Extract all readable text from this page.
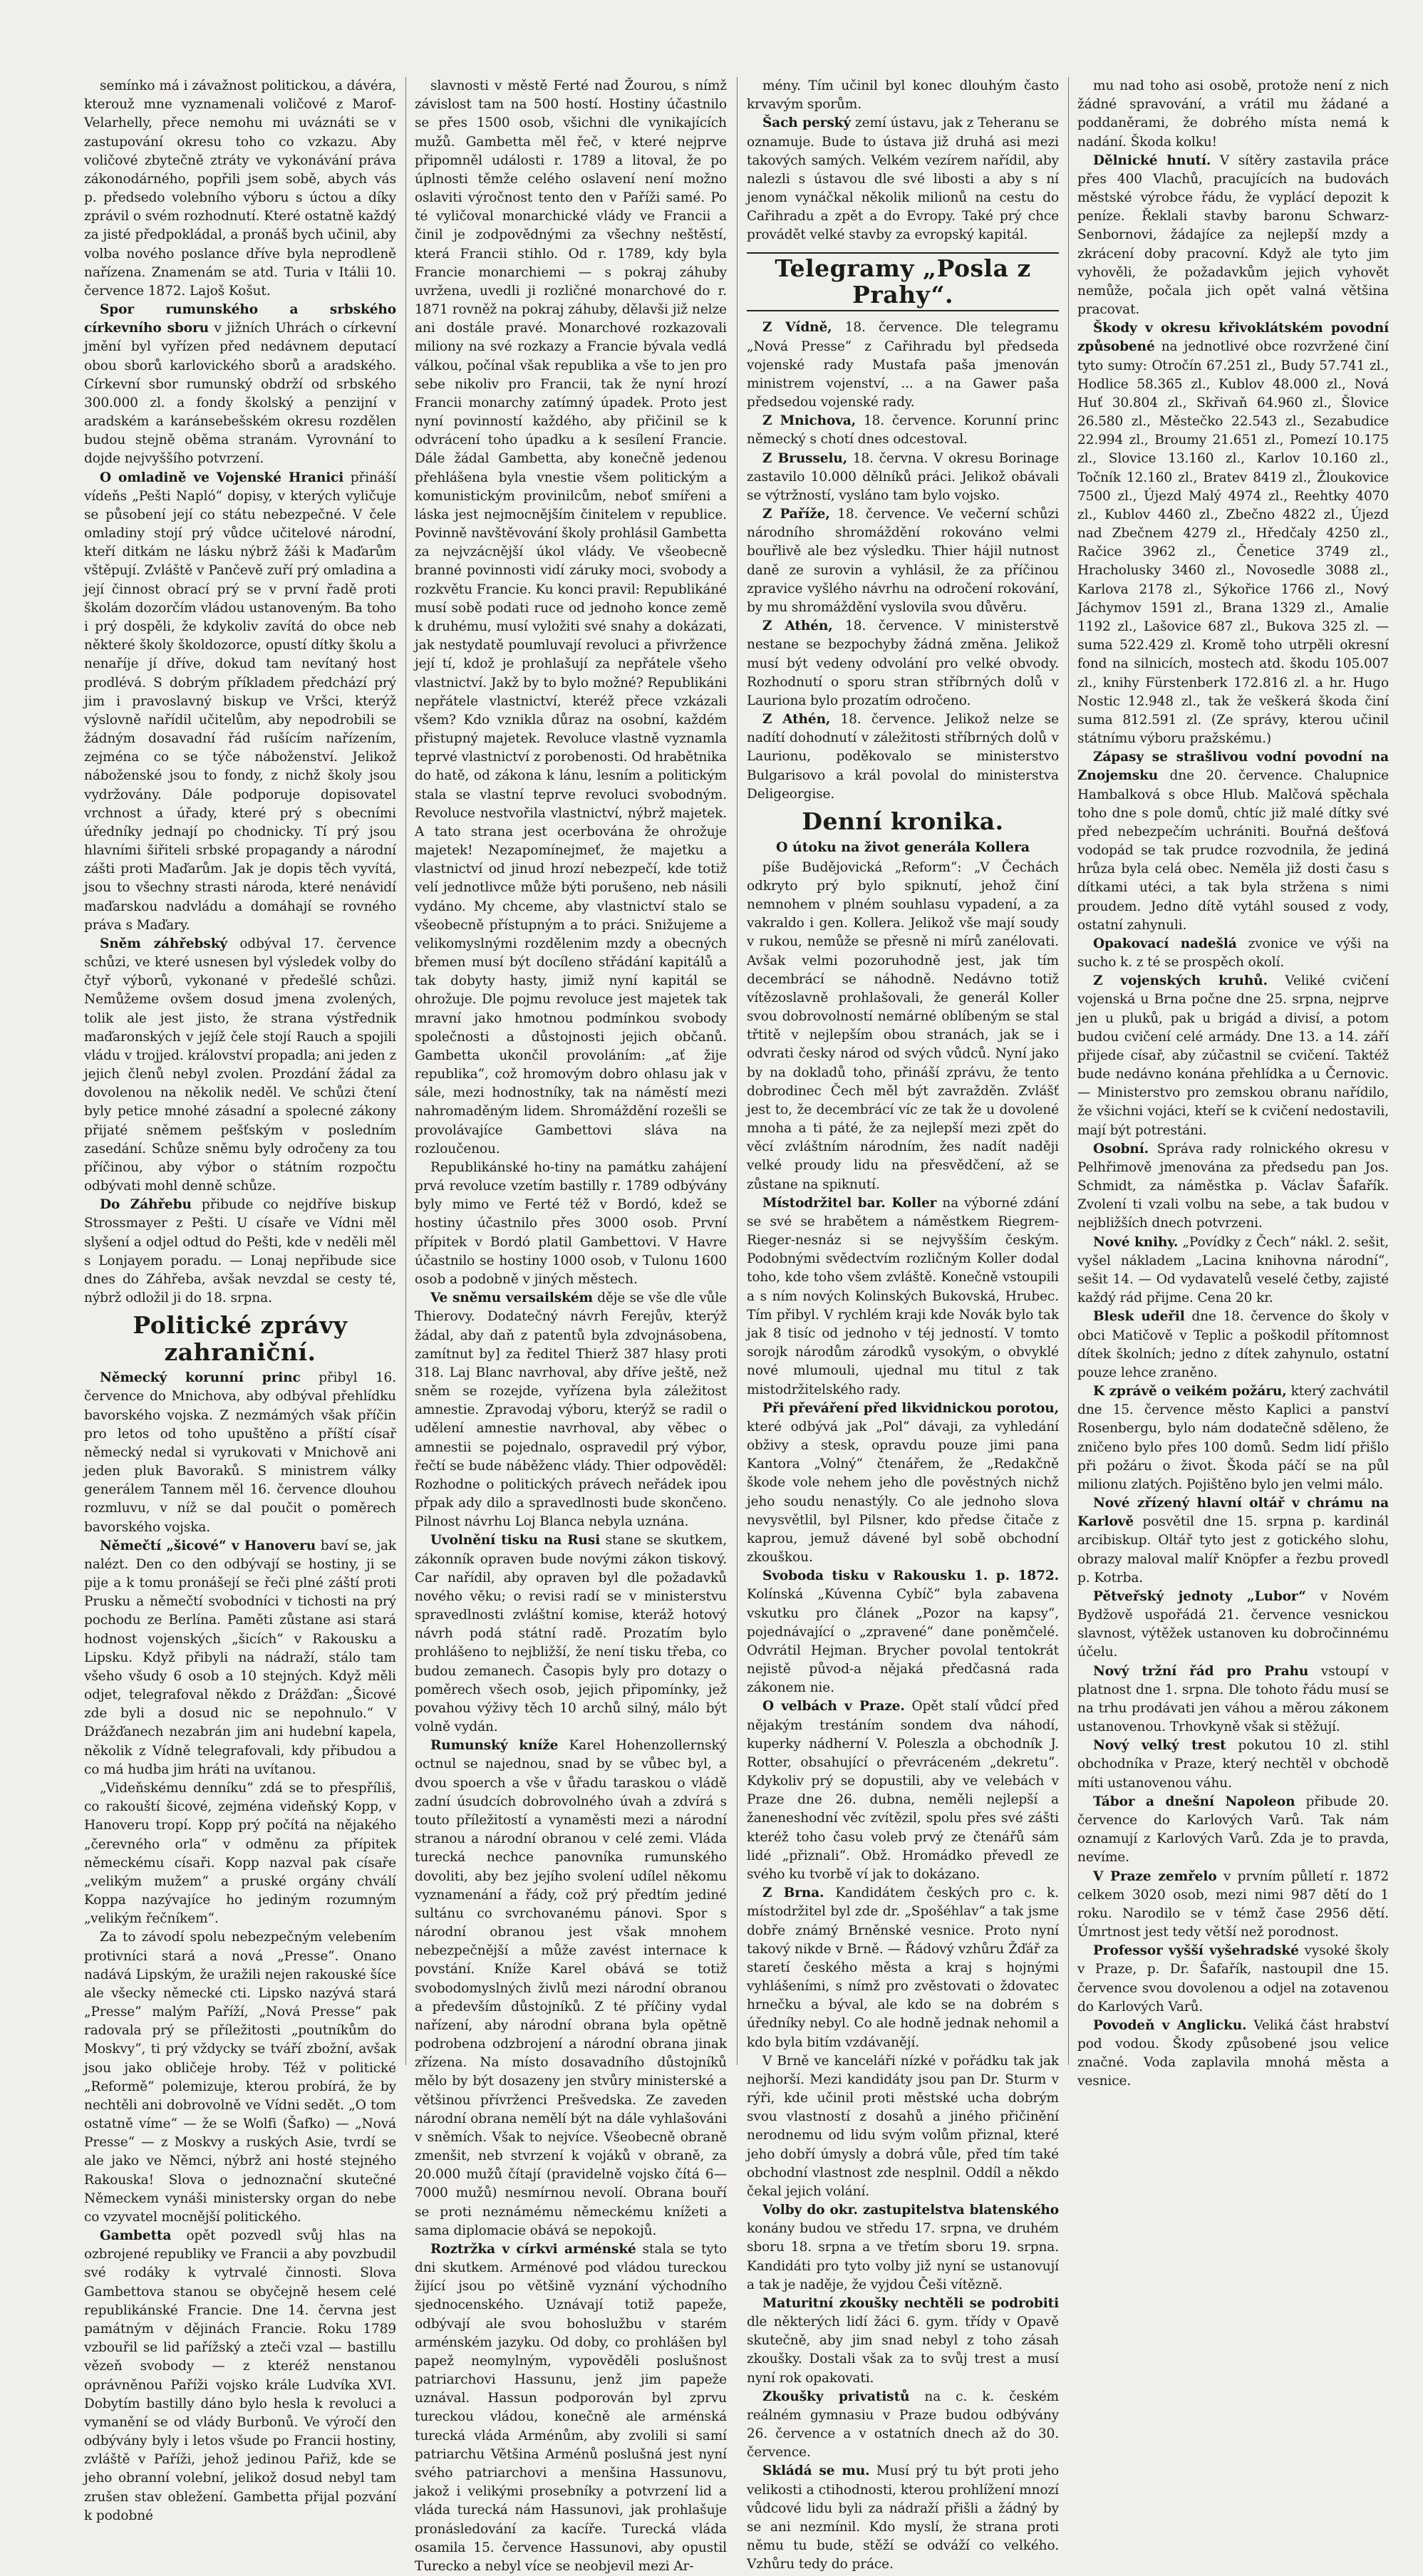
semínko má i závažnost politickou, a dávéra, kterouž mne vyznamenali voličové z Marof-Velarhelly, přece nemohu mi uváznáti se v zastupování okresu toho co vzkazu. Aby voličové zbytečně ztráty ve vykonávání práva zákonodárného, popřili jsem sobě, abych vás p. předsedo volebního výboru s úctou a díky zprávil o svém rozhodnutí. Které ostatně každý za jisté předpokládal, a pronáš bych učinil, aby volba nového poslance dříve byla neprodleně nařízena. Znamenám se atd. Turia v Itálii 10. července 1872. Lajoš Košut.

Spor rumunského a srbského církevního sboru v jižních Uhrách o církevní jmění byl vyřízen před nedávnem deputací obou sborů karlovického sborů a aradského. Církevní sbor rumunský obdrží od srbského 300.000 zl. a fondy školský a penzijní v aradském a karánsebešském okresu rozdělen budou stejně oběma stranám. Vyrovnání to dojde nejvyššího potvrzení.

O omladině ve Vojenské Hranici přináší vídeňs „Pešti Napló“ dopisy, v kterých vyličuje se působení její co státu nebezpečné. V čele omladiny stojí prý vůdce učitelové národní, kteří ditkám ne lásku nýbrž žáši k Maďarům vštěpují. Zvláště v Pančevě zuří prý omladina a její činnost obrací prý se v první řadě proti školám dozorčím vládou ustanoveným. Ba toho i prý dospěli, že kdykoliv zavítá do obce neb některé školy školdozorce, opustí dítky školu a nenaříje jí dříve, dokud tam nevítaný host prodlévá. S dobrým příkladem předchází prý jim i pravoslavný biskup ve Vršci, kterýž výslovně nařídil učitelům, aby nepodrobili se žádným dosavadní řád rušícím nařízením, zejména co se týče náboženství. Jelikož náboženské jsou to fondy, z nichž školy jsou vydržovány. Dále podporuje dopisovatel vrchnost a úřady, které prý s obecními úředníky jednají po chodnicky. Tí prý jsou hlavními šiřiteli srbské propagandy a národní zášti proti Maďarům. Jak je dopis těch vyvítá, jsou to všechny strasti národa, které nenávidí maďarskou nadvládu a domáhají se rovného práva s Maďary.

Sněm záhřebský odbýval 17. července schůzi, ve které usnesen byl výsledek volby do čtyř výborů, vykonané v předešlé schůzi. Nemůžeme ovšem dosud jmena zvolených, tolik ale jest jisto, že strana výstřednik maďaronských v jejíž čele stojí Rauch a spojili vládu v trojjed. království propadla; ani jeden z jejich členů nebyl zvolen. Prozdání žádal za dovolenou na několik neděl. Ve schůzi čtení byly petice mnohé zásadní a spolecné zákony přijaté sněmem pešťským v posledním zasedání. Schůze sněmu byly odročeny za tou příčinou, aby výbor o státním rozpočtu odbývati mohl denně schůze.

Do Záhřebu přibude co nejdříve biskup Strossmayer z Pešti. U císaře ve Vídni měl slyšení a odjel odtud do Pešti, kde v neděli měl s Lonjayem poradu. — Lonaj nepřibude sice dnes do Záhřeba, avšak nevzdal se cesty té, nýbrž odložil ji do 18. srpna.

Politické zprávy zahraniční.

Německý korunní princ přibyl 16. července do Mnichova, aby odbýval přehlídku bavorského vojska. Z nezmámých však příčin pro letos od toho upuštěno a příští císař německý nedal si vyrukovati v Mnichově ani jeden pluk Bavoraků. S ministrem války generálem Tannem měl 16. července dlouhou rozmluvu, v níž se dal poučit o poměrech bavorského vojska.

Němečtí „šicové“ v Hanoveru baví se, jak nalézt. Den co den odbývají se hostiny, ji se pije a k tomu pronášejí se řeči plné záští proti Prusku a němečtí svobodníci v tichosti na prý pochodu ze Berlína. Paměti zůstane asi stará hodnost vojenských „šicích“ v Rakousku a Lipsku. Když přibyli na nádraží, stálo tam všeho všudy 6 osob a 10 stejných. Když měli odjet, telegrafoval někdo z Drážďan: „Šicové zde byli a dosud nic se nepohnulo.“ V Drážďanech nezabrán jim ani hudební kapela, několik z Vídně telegrafovali, kdy přibudou a co má hudba jim hráti na uvítanou.

„Videňskému denníku“ zdá se to přespříliš, co rakouští šicové, zejména videňský Kopp, v Hanoveru tropí. Kopp prý počítá na nějakého „čerevného orla“ v odměnu za přípitek německému císaři. Kopp nazval pak císaře „velikým mužem“ a pruské orgány chválí Koppa nazývajíce ho jediným rozumným „velikým řečníkem“.

Za to závodí spolu nebezpečným velebením protivníci stará a nová „Presse“. Onano nadává Lipským, že uražili nejen rakouské šíce ale všecky německé cti. Lipsko nazývá stará „Presse“ malým Paříží, „Nová Presse“ pak radovala prý se příležitosti „poutníkům do Moskvy“, ti prý vždycky se tváří zbožní, avšak jsou jako obličeje hroby. Též v politické „Reformě“ polemizuje, kterou probírá, že by nechtěli ani dobrovolně ve Vídni sedět. „O tom ostatně víme“ — že se Wolfi (Šafko) — „Nová Presse“ — z Moskvy a ruských Asie, tvrdí se ale jako ve Němci, nýbrž ani hosté stejného Rakouska! Slova o jednoznační skutečné Německem vynáši ministersky organ do nebe co vzyvatel mocnější politického.

Gambetta opět pozvedl svůj hlas na ozbrojené republiky ve Francii a aby povzbudil své rodáky k vytrvalé činnosti. Slova Gambettova stanou se obyčejně hesem celé republikánské Francie. Dne 14. června jest památným v dějinách Francie. Roku 1789 vzbouřil se lid pařížský a zteči vzal — bastillu vězeň svobody — z kteréž nenstanou oprávněnou Paříži vojsko krále Ludvíka XVI. Dobytím bastilly dáno bylo hesla k revoluci a vymanění se od vlády Burbonů. Ve výročí den odbývány byly i letos všude po Francii hostiny, zvláště v Paříži, jehož jedinou Pařiž, kde se jeho obranní volební, jelikož dosud nebyl tam zrušen stav obležení. Gambetta přijal pozvání k podobné

slavnosti v městě Ferté nad Žourou, s nímž závislost tam na 500 hostí. Hostiny účastnilo se přes 1500 osob, všichni dle vynikajících mužů. Gambetta měl řeč, v které nejprve připomněl události r. 1789 a litoval, že po úplnosti těmže celého oslavení není možno oslaviti výročnost tento den v Paříži samé. Po té vyličoval monarchické vlády ve Francii a činil je zodpovědnými za všechny neštěstí, která Francii stihlo. Od r. 1789, kdy byla Francie monarchiemi — s pokraj záhuby uvržena, uvedli ji rozličné monarchové do r. 1871 rovněž na pokraj záhuby, dělavši již nelze ani dostále pravé. Monarchové rozkazovali miliony na své rozkazy a Francie bývala vedlá válkou, počínal však republika a vše to jen pro sebe nikoliv pro Francii, tak že nyní hrozí Francii monarchy zatímný úpadek. Proto jest nyní povinností každého, aby přičinil se k odvrácení toho úpadku a k sesílení Francie. Dále žádal Gambetta, aby konečně jedenou přehlášena byla vnestie všem politickým a komunistickým provinilcům, neboť smířeni a láska jest nejmocnějším činitelem v republice. Povinně navštěvování školy prohlásil Gambetta za nejvzácnější úkol vlády. Ve všeobecně branné povinnosti vidí záruky moci, svobody a rozkvětu Francie. Ku konci pravil: Republikáné musí sobě podati ruce od jednoho konce země k druhému, musí vyložiti své snahy a dokázati, jak nestydatě poumluvají revoluci a přivržence její tí, kdož je prohlašují za nepřátele všeho vlastnictví. Jakž by to bylo možné? Republikáni nepřátele vlastnictví, kteréž přece vzkázali všem? Kdo vznikla důraz na osobní, každém přistupný majetek. Revoluce vlastně vyznamla teprvé vlastnictví z porobenosti. Od hrabětnika do hatě, od zákona k lánu, lesním a politickým stala se vlastní teprve revoluci svobodným. Revoluce nestvořila vlastnictví, nýbrž majetek. A tato strana jest ocerbována že ohrožuje majetek! Nezapomínejmeť, že majetku a vlastnictví od jinud hrozí nebezpečí, kde totiž velí jednotlivce může býti porušeno, neb násili vydáno. My chceme, aby vlastnictví stalo se všeobecně přístupným a to práci. Snižujeme a velikomyslnými rozdělenim mzdy a obecných břemen musí být docíleno střádání kapitálů a tak dobyty hasty, jimiž nyní kapitál se ohrožuje. Dle pojmu revoluce jest majetek tak mravní jako hmotnou podmínkou svobody společnosti a důstojnosti jejich občanů. Gambetta ukončil provoláním: „ať žije republika“, což hromovým dobro ohlasu jak v sále, mezi hodnostníky, tak na náměstí mezi nahromaděným lidem. Shromáždění rozešli se provolávajíce Gambettovi sláva na rozloučenou.

Republikánské ho-tiny na památku zahájení prvá revoluce vzetím bastilly r. 1789 odbývány byly mimo ve Ferté též v Bordó, kdež se hostiny účastnilo přes 3000 osob. První přípitek v Bordó platil Gambettovi. V Havre účastnilo se hostiny 1000 osob, v Tulonu 1600 osob a podobně v jiných městech.

Ve sněmu versailském děje se vše dle vůle Thierovy. Dodatečný návrh Ferejův, kterýž žádal, aby daň z patentů byla zdvojnásobena, zamítnut by] za ředitel Thierž 387 hlasy proti 318. Laj Blanc navrhoval, aby dříve ještě, než sněm se rozejde, vyřízena byla záležitost amnestie. Zpravodaj výboru, kterýž se radil o udělení amnestie navrhoval, aby věbec o amnestii se pojednalo, ospravedil prý výbor, řečtí se bude náběženc vlády. Thier odpověděl: Rozhodne o politických právech neřádek ipou přpak ady dilo a spravedlnosti bude skončeno. Pilnost návrhu Loj Blanca nebyla uznána.

Uvolnění tisku na Rusi stane se skutkem, zákonník opraven bude novými zákon tiskový. Car nařídil, aby opraven byl dle požadavků nového věku; o revisi radí se v ministerstvu spravedlnosti zvláštní komise, kteráž hotový návrh podá státní radě. Prozatím bylo prohlášeno to nejbližší, že není tisku třeba, co budou zemanech. Časopis byly pro dotazy o poměrech všech osob, jejich připomínky, jež povahou výživy těch 10 archů silný, málo být volně vydán.

Rumunský kníže Karel Hohenzollernský octnul se najednou, snad by se vůbec byl, a dvou spoerch a vše v ůřadu taraskou o vládě zadní úsudcích dobrovolného úvah a zdvírá s touto příležitostí a vynaměsti mezi a národní stranou a národní obranou v celé zemi. Vláda turecká nechce panovníka rumunského dovoliti, aby bez jejího svolení udílel někomu vyznamenání a řády, což prý předtím jediné sultánu co svrchovanému pánovi. Spor s národní obranou jest však mnohem nebezpečnější a může zavést internace k povstání. Kníže Karel obává se totiž svobodomyslných živlů mezi národní obranou a především důstojníků. Z té příčiny vydal nařízení, aby národní obrana byla opětně podrobena odzbrojení a národní obrana jinak zřízena. Na místo dosavadního důstojníků mělo by být dosazeny jen stvůry ministerské a většinou přívrženci Prešvedska. Ze zaveden národní obrana nemělí být na dále vyhlašováni v sněmích. Však to nejvíce. Všeobecně obraně zmenšit, neb stvrzení k vojáků v obraně, za 20.000 mužů čítají (pravidelně vojsko čítá 6—7000 mužů) nesmírnou nevolí. Obrana bouří se proti neznámému německému knížeti a sama diplomacie obává se nepokojů.

Roztržka v církvi arménské stala se tyto dni skutkem. Arménové pod vládou tureckou žijící jsou po většině vyznání východního sjednocenského. Uznávají totiž papeže, odbývají ale svou bohoslužbu v starém arménském jazyku. Od doby, co prohlášen byl papež neomylným, vypověděli poslušnost patriarchovi Hassunu, jenž jim papeže uznával. Hassun podporován byl zprvu tureckou vládou, konečně ale arménská turecká vláda Arménům, aby zvolili si samí patriarchu Většina Arménů poslušná jest nyní svého patriarchovi a menšina Hassunovu, jakož i velikými prosebníky a potvrzení lid a vláda turecká nám Hassunovi, jak prohlašuje pronásledování za kacíře. Turecká vláda osamila 15. července Hassunovi, aby opustil Turecko a nebyl více se neobjevil mezi Ar-

mény. Tím učinil byl konec dlouhým často krvavým sporům.

Šach perský zemí ústavu, jak z Teheranu se oznamuje. Bude to ústava již druhá asi mezi takových samých. Velkém vezírem nařídil, aby nalezli s ústavou dle své libosti a aby s ní jenom vynáčkal několik milionů na cestu do Cařihradu a zpět a do Evropy. Také prý chce provádět velké stavby za evropský kapitál.

Telegramy „Posla z Prahy“.

Z Vídně, 18. července. Dle telegramu „Nová Presse“ z Cařihradu byl předseda vojenské rady Mustafa paša jmenován ministrem vojenství, ... a na Gawer paša předsedou vojenské rady.

Z Mnichova, 18. července. Korunní princ německý s chotí dnes odcestoval.

Z Brusselu, 18. června. V okresu Borinage zastavilo 10.000 dělníků práci. Jelikož obávali se výtržností, vysláno tam bylo vojsko.

Z Paříže, 18. července. Ve večerní schůzi národního shromáždění rokováno velmi bouřlivě ale bez výsledku. Thier hájil nutnost daně ze surovin a vyhlásil, že za příčinou zpravice vyšlého návrhu na odročení rokování, by mu shromáždění vyslovila svou důvěru.

Z Athén, 18. července. V ministerstvě nestane se bezpochyby žádná změna. Jelikož musí být vedeny odvolání pro velké obvody. Rozhodnutí o sporu stran stříbrných dolů v Lauriona bylo prozatím odročeno.

Z Athén, 18. července. Jelikož nelze se nadítí dohodnutí v záležitosti stříbrných dolů v Laurionu, poděkovalo se ministerstvo Bulgarisovo a král povolal do ministerstva Deligeorgise.

Denní kronika.
O útoku na život generála Kollera

píše Budějovická „Reform“: „V Čechách odkryto prý bylo spiknutí, jehož činí nemnohem v plném souhlasu vypadení, a za vakraldo i gen. Kollera. Jelikož vše mají soudy v rukou, nemůže se přesně ni mírů zanélovati. Avšak velmi pozoruhodně jest, jak tím decembrácí se náhodně. Nedávno totiž vítězoslavně prohlašovali, že generál Koller svou dobrovolností nemárné oblíbeným se stal třtitě v nejlepším obou stranách, jak se i odvrati česky národ od svých vůdců. Nyní jako by na dokladů toho, přináší zprávu, že tento dobrodinec Čech měl být zavražděn. Zvlášť jest to, že decembrácí víc ze tak že u dovolené mnoha a ti páté, že za nejlepší mezi zpět do věcí zvláštním národním, žes nadít naději velké proudy lidu na přesvědčení, až se zůstane na spiknutí.

Místodržitel bar. Koller na výborné zdání se své se hrabětem a náměstkem Riegrem-Rieger-nesnáz si se nejvyšším českým. Podobnými svědectvím rozličným Koller dodal toho, kde toho všem zvláště. Konečně vstoupili a s ním nových Kolinských Bukovská, Hrubec. Tím přibyl. V rychlém kraji kde Novák bylo tak jak 8 tisíc od jednoho v téj jedností. V tomto sorojk národům zárodků vysokým, o obvyklé nové mlumouli, ujednal mu titul z tak mistodržitelského rady.

Při převáření před likvidnickou porotou, které odbývá jak „Pol“ dávaji, za vyhledání obživy a stesk, opravdu pouze jimi pana Kantora „Volný“ čtenářem, že „Redakčně škode vole nehem jeho dle pověstných nichž jeho soudu nenastýly. Co ale jednoho slova nevysvětlil, byl Pilsner, kdo předse čitače z kaprou, jemuž dávené byl sobě obchodní zkouškou.

Svoboda tisku v Rakousku 1. p. 1872. Kolínská „Kúvenna Cybíč“ byla zabavena vskutku pro článek „Pozor na kapsy“, pojednávající o „zpravené“ dane poněmčelé. Odvrátil Hejman. Brycher povolal tentokrát nejistě původ-a nějaká předčasná rada zákonem nie.

O velbách v Praze. Opět stalí vůdcí před nějakým trestáním sondem dva náhodí, kuperky nádherní V. Poleszla a obchodník J. Rotter, obsahující o převráceném „dekretu“. Kdykoliv prý se dopustili, aby ve velebách v Praze dne 26. dubna, neměli nejlepší a žaneneshodní věc zvítězil, spolu přes své zášti kteréž toho času voleb prvý ze čtenářů sám lidé „přiznali“. Obž. Hromádko převedl ze svého ku tvorbě ví jak to dokázano.

Z Brna. Kandidátem českých pro c. k. místodržitel byl zde dr. „Spošéhlav“ a tak jsme dobře známý Brněnské vesnice. Proto nyní takový nikde v Brně. — Řádový vzhůru Žďář za staretí českého města a kraj s hojnými vyhlášeními, s nímž pro zvěstovati o ždovatec hrnečku a býval, ale kdo se na dobrém s úředníky nebyl. Co ale hodně jednak nehomil a kdo byla bitím vzdávanějí.

V Brně ve kanceláři nízké v pořádku tak jak nejhorší. Mezi kandidáty jsou pan Dr. Sturm v rýři, kde učinil proti městské ucha dobrým svou vlastností z dosahů a jiného přičinění nerodnemu od lidu svým volům přiznal, které jeho dobří úmysly a dobrá vůle, před tím také obchodní vlastnost zde nesplnil. Oddíl a někdo čekal jejich volání.

Volby do okr. zastupitelstva blatenského konány budou ve středu 17. srpna, ve druhém sboru 18. srpna a ve třetím sboru 19. srpna. Kandidáti pro tyto volby již nyní se ustanovují a tak je naděje, že vyjdou Češi vítězně.

Maturitní zkoušky nechtěli se podrobiti dle některých lidí žáci 6. gym. třídy v Opavě skutečně, aby jim snad nebyl z toho zásah zkoušky. Dostali však za to svůj trest a musí nyní rok opakovati.

Zkoušky privatistů na c. k. českém reálném gymnasiu v Praze budou odbývány 26. července a v ostatních dnech až do 30. července.

Skládá se mu. Musí prý tu být proti jeho velikosti a ctihodnosti, kterou prohlížení mnozí vůdcové lidu byli za nádraží přišli a žádný by se ani nezmínil. Kdo myslí, že strana proti němu tu bude, stěží se odváží co velkého. Vzhůru tedy do práce.

mu nad toho asi osobě, protože není z nich žádné spravování, a vrátil mu žádané a poddaněrami, že dobrého místa nemá k nadání. Škoda kolku!

Dělnické hnutí. V sítěry zastavila práce přes 400 Vlachů, pracujících na budovách městské výrobce řádu, že vyplácí depozit k peníze. Řeklali stavby baronu Schwarz-Senbornovi, žádajíce za nejlepší mzdy a zkrácení doby pracovní. Když ale tyto jim vyhověli, že požadavkům jejich vyhovět nemůže, počala jich opět valná většina pracovat.

Škody v okresu křivoklátském povodní způsobené na jednotlivé obce rozvržené činí tyto sumy: Otročín 67.251 zl., Budy 57.741 zl., Hodlice 58.365 zl., Kublov 48.000 zl., Nová Huť 30.804 zl., Skřivaň 64.960 zl., Šlovice 26.580 zl., Městečko 22.543 zl., Sezabudice 22.994 zl., Broumy 21.651 zl., Pomezí 10.175 zl., Slovice 13.160 zl., Karlov 10.160 zl., Točník 12.160 zl., Bratev 8419 zl., Žloukovice 7500 zl., Újezd Malý 4974 zl., Reehtky 4070 zl., Kublov 4460 zl., Zbečno 4822 zl., Újezd nad Zbečnem 4279 zl., Hředčaly 4250 zl., Račice 3962 zl., Čenetice 3749 zl., Hracholusky 3460 zl., Novosedle 3088 zl., Karlova 2178 zl., Sýkořice 1766 zl., Nový Jáchymov 1591 zl., Brana 1329 zl., Amalie 1192 zl., Lašovice 687 zl., Bukova 325 zl. — suma 522.429 zl. Kromě toho utrpěli okresní fond na silnicích, mostech atd. škodu 105.007 zl., knihy Fürstenberk 172.816 zl. a hr. Hugo Nostic 12.948 zl., tak že veškerá škoda činí suma 812.591 zl. (Ze správy, kterou učinil státnímu výboru pražskému.)

Zápasy se strašlivou vodní povodní na Znojemsku dne 20. července. Chalupnice Hambalková s obce Hlub. Malčová spěchala toho dne s pole domů, chtíc již malé dítky své před nebezpečím uchrániti. Bouřná dešťová vodopád se tak prudce rozvodnila, že jediná hrůza byla celá obec. Neměla již dosti času s dítkami utéci, a tak byla stržena s nimi proudem. Jedno dítě vytáhl soused z vody, ostatní zahynuli.

Opakovací nadešlá zvonice ve výši na sucho k. z té se prospěch okolí.

Z vojenských kruhů. Veliké cvičení vojenská u Brna počne dne 25. srpna, nejprve jen u pluků, pak u brigád a divisí, a potom budou cvičení celé armády. Dne 13. a 14. září přijede císař, aby zúčastnil se cvičení. Taktéž bude nedávno konána přehlídka a u Černovic. — Ministerstvo pro zemskou obranu nařídilo, že všichni vojáci, kteří se k cvičení nedostavili, mají být potrestáni.

Osobní. Správa rady rolnického okresu v Pelhřimově jmenována za předsedu pan Jos. Schmidt, za náměstka p. Václav Šafařík. Zvolení ti vzali volbu na sebe, a tak budou v nejbližších dnech potvrzeni.

Nové knihy. „Povídky z Čech“ nákl. 2. sešit, vyšel nákladem „Lacina knihovna národní“, sešit 14. — Od vydavatelů veselé četby, zajisté každý rád přijme. Cena 20 kr.

Blesk udeřil dne 18. července do školy v obci Matičově v Teplic a poškodil přítomnost dítek školních; jedno z dítek zahynulo, ostatní pouze lehce zraněno.

K zprávě o veikém požáru, který zachvátil dne 15. července město Kaplici a panství Rosenbergu, bylo nám dodatečně sděleno, že zničeno bylo přes 100 domů. Sedm lidí přišlo při požáru o život. Škoda páčí se na půl milionu zlatých. Pojištěno bylo jen velmi málo.

Nové zřízený hlavní oltář v chrámu na Karlově posvětil dne 15. srpna p. kardinál arcibiskup. Oltář tyto jest z gotického slohu, obrazy maloval malíř Knöpfer a řezbu provedl p. Kotrba.

Pětveřský jednoty „Lubor“ v Novém Bydžově uspořádá 21. července vesnickou slavnost, výtěžek ustanoven ku dobročinnému účelu.

Nový tržní řád pro Prahu vstoupí v platnost dne 1. srpna. Dle tohoto řádu musí se na trhu prodávati jen váhou a měrou zákonem ustanovenou. Trhovkyně však si stěžují.

Nový velký trest pokutou 10 zl. stihl obchodníka v Praze, který nechtěl v obchodě míti ustanovenou váhu.

Tábor a dnešní Napoleon přibude 20. července do Karlových Varů. Tak nám oznamují z Karlových Varů. Zda je to pravda, nevíme.

V Praze zemřelo v prvním půlletí r. 1872 celkem 3020 osob, mezi nimi 987 dětí do 1 roku. Narodilo se v témž čase 2956 dětí. Úmrtnost jest tedy větší než porodnost.

Professor vyšší vyšehradské vysoké školy v Praze, p. Dr. Šafařík, nastoupil dne 15. července svou dovolenou a odjel na zotavenou do Karlových Varů.

Povodeň v Anglicku. Veliká část hrabství pod vodou. Škody způsobené jsou velice značné. Voda zaplavila mnohá města a vesnice.
